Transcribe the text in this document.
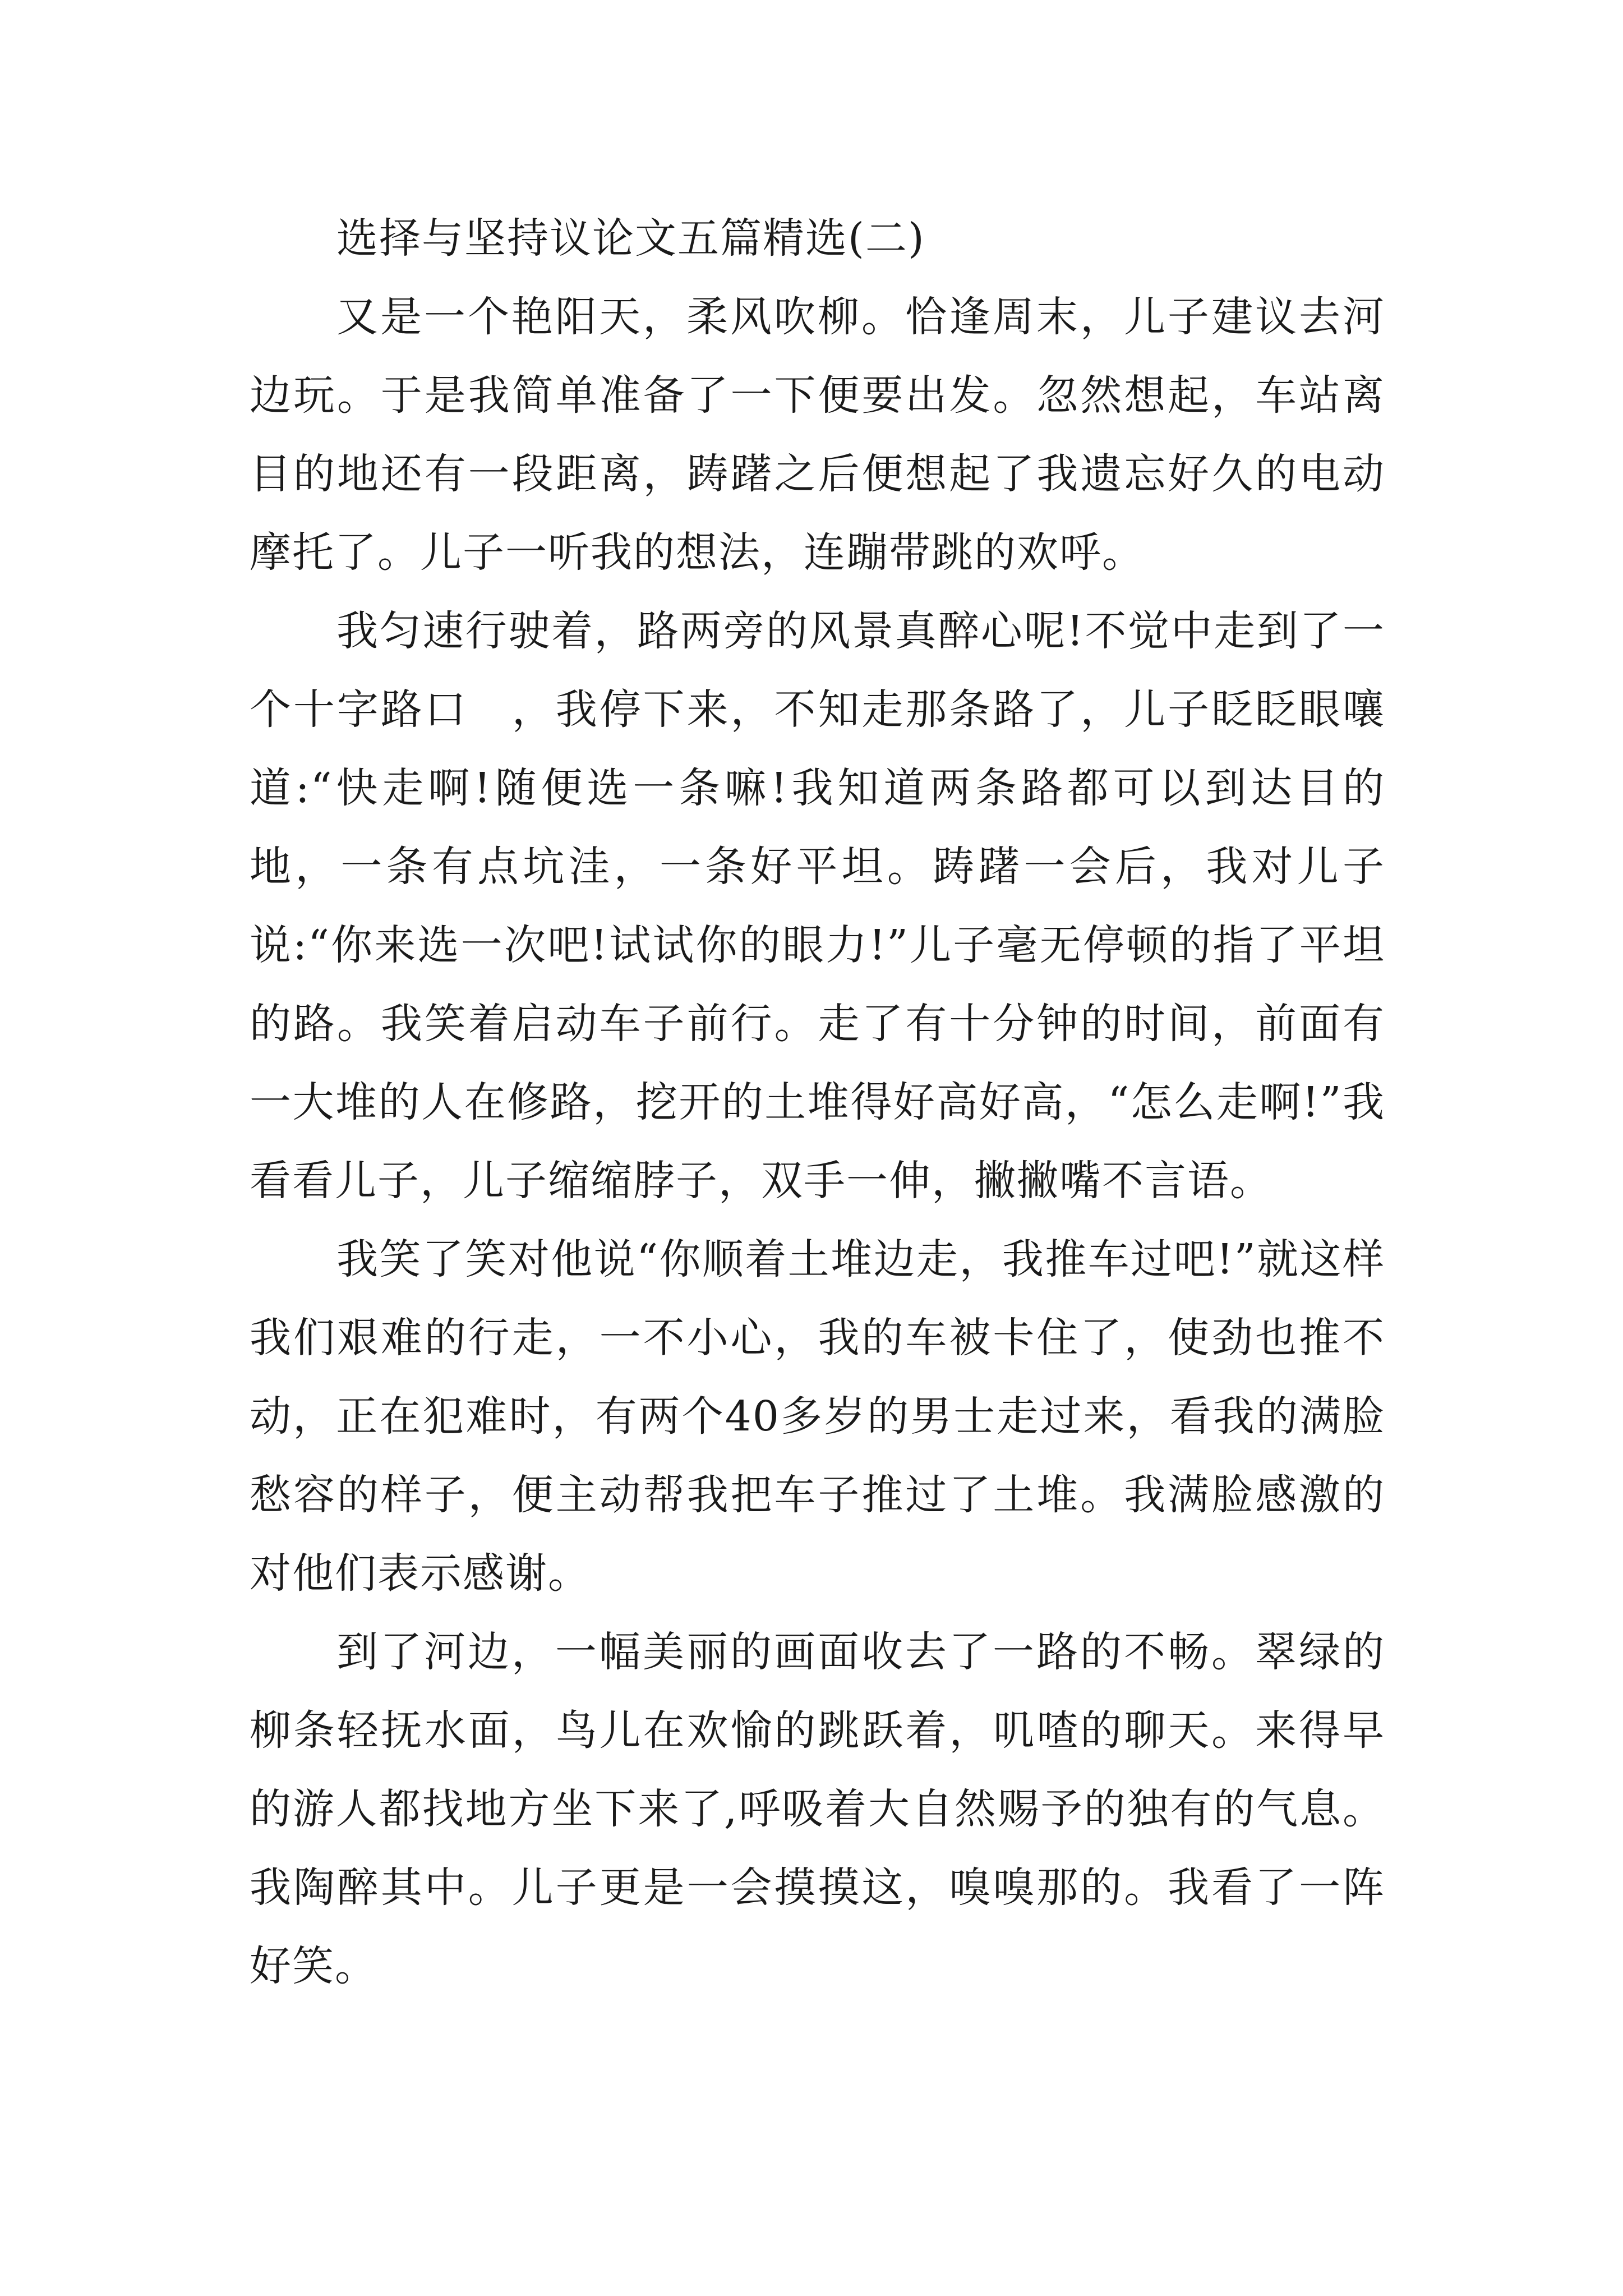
选择与坚持议论文五篇精选(二)

又是一个艳阳天，柔风吹柳。恰逢周末，儿子建议去河边玩。于是我简单准备了一下便要出发。忽然想起，车站离目的地还有一段距离，踌躇之后便想起了我遗忘好久的电动摩托了。儿子一听我的想法，连蹦带跳的欢呼。

我匀速行驶着，路两旁的风景真醉心呢!不觉中走到了一个十字路口　，我停下来，不知走那条路了，儿子眨眨眼嚷道:“快走啊!随便选一条嘛!我知道两条路都可以到达目的地，一条有点坑洼，一条好平坦。踌躇一会后，我对儿子说:“你来选一次吧!试试你的眼力!”儿子毫无停顿的指了平坦的路。我笑着启动车子前行。走了有十分钟的时间，前面有一大堆的人在修路，挖开的土堆得好高好高，“怎么走啊!”我看看儿子，儿子缩缩脖子，双手一伸，撇撇嘴不言语。

我笑了笑对他说“你顺着土堆边走，我推车过吧!”就这样我们艰难的行走，一不小心，我的车被卡住了，使劲也推不动，正在犯难时，有两个40多岁的男士走过来，看我的满脸愁容的样子，便主动帮我把车子推过了土堆。我满脸感激的对他们表示感谢。

到了河边，一幅美丽的画面收去了一路的不畅。翠绿的柳条轻抚水面，鸟儿在欢愉的跳跃着，叽喳的聊天。来得早的游人都找地方坐下来了,呼吸着大自然赐予的独有的气息。我陶醉其中。儿子更是一会摸摸这，嗅嗅那的。我看了一阵好笑。
